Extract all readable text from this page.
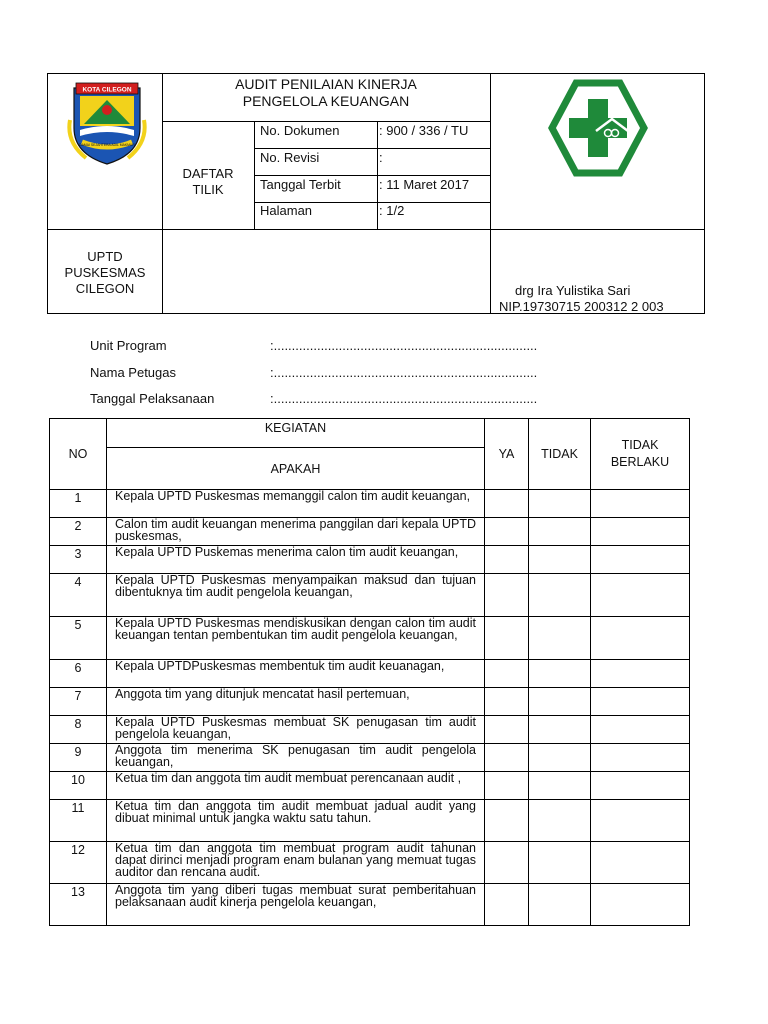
KOTA CILEGON
DAMAI SEJAHTERA ADIL MAKMUR
AUDIT PENILAIAN KINERJA
PENGELOLA KEUANGAN
DAFTAR
TILIK
No. Dokumen	: 900 / 336 / TU
No. Revisi	:
Tanggal Terbit	: 11 Maret 2017
Halaman	: 1/2
UPTD
PUSKESMAS
CILEGON	drg Ira Yulistika Sari
NIP.19730715 200312 2 003
Unit Program	:.........................................................................
Nama Petugas	:.........................................................................
Tanggal Pelaksanaan	:.........................................................................
NO	KEGIATAN	YA	TIDAK	TIDAK
BERLAKU

	APAKAH			
1	Kepala UPTD Puskesmas memanggil calon tim audit keuangan,			
2	Calon tim audit keuangan menerima panggilan dari kepala UPTD puskesmas,			
3	Kepala UPTD Puskemas menerima calon tim audit keuangan,			
4	Kepala UPTD Puskesmas menyampaikan maksud dan tujuan dibentuknya tim audit pengelola keuangan,			
5	Kepala UPTD Puskesmas mendiskusikan dengan calon tim audit keuangan tentan pembentukan tim audit pengelola keuangan,			
6	Kepala UPTDPuskesmas membentuk tim audit keuanagan,			
7	Anggota tim yang ditunjuk mencatat hasil pertemuan,			
8	Kepala UPTD Puskesmas membuat SK penugasan tim audit pengelola keuangan,			
9	Anggota tim menerima SK penugasan tim audit pengelola keuangan,			
10	Ketua tim dan anggota tim audit membuat perencanaan audit ,			
11	Ketua tim dan anggota tim audit membuat jadual audit yang dibuat minimal untuk jangka waktu satu tahun.			
12	Ketua tim dan anggota tim membuat program audit tahunan dapat dirinci menjadi program enam bulanan yang memuat tugas auditor dan rencana audit.			
13	Anggota tim yang diberi tugas membuat surat pemberitahuan pelaksanaan audit kinerja pengelola keuangan,			
